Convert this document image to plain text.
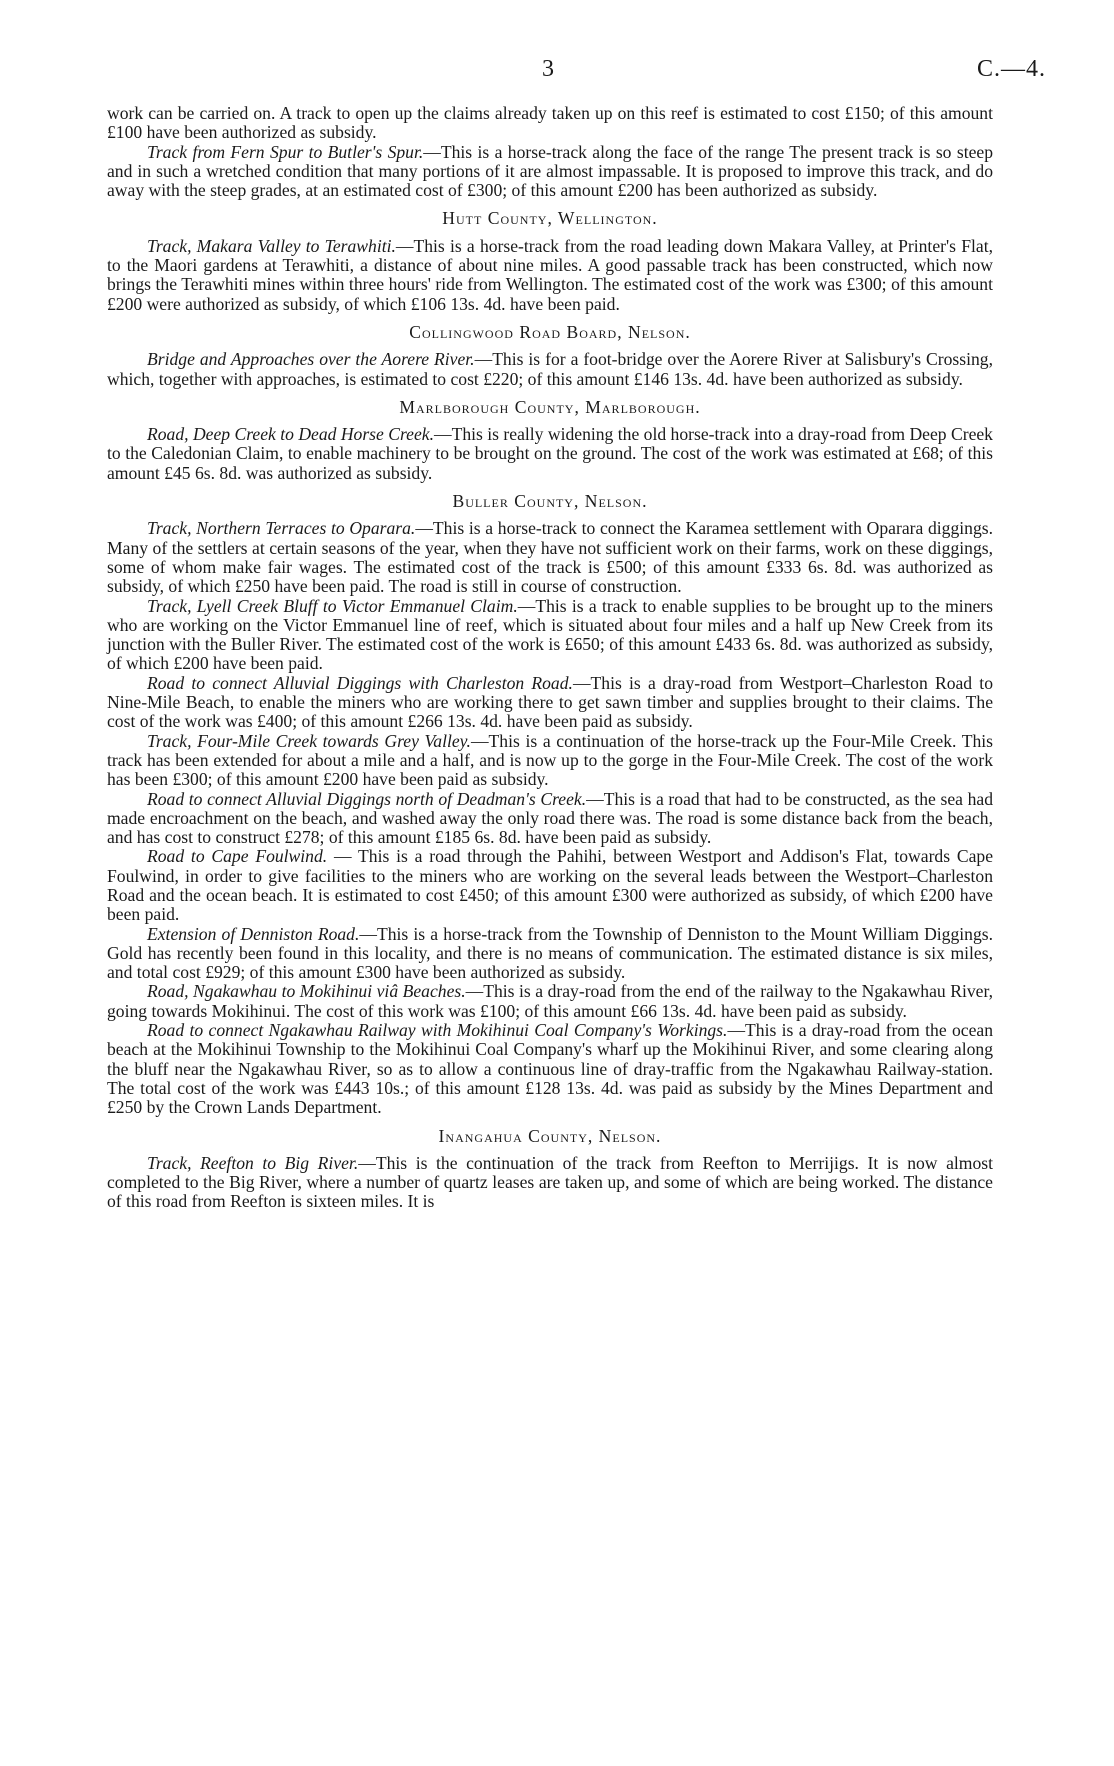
3	C.—4.

work can be carried on. A track to open up the claims already taken up on this reef is estimated to cost £150; of this amount £100 have been authorized as subsidy.

Track from Fern Spur to Butler's Spur.—This is a horse-track along the face of the range The present track is so steep and in such a wretched condition that many portions of it are almost impassable. It is proposed to improve this track, and do away with the steep grades, at an estimated cost of £300; of this amount £200 has been authorized as subsidy.

Hutt County, Wellington.

Track, Makara Valley to Terawhiti.—This is a horse-track from the road leading down Makara Valley, at Printer's Flat, to the Maori gardens at Terawhiti, a distance of about nine miles. A good passable track has been constructed, which now brings the Terawhiti mines within three hours' ride from Wellington. The estimated cost of the work was £300; of this amount £200 were authorized as subsidy, of which £106 13s. 4d. have been paid.

Collingwood Road Board, Nelson.

Bridge and Approaches over the Aorere River.—This is for a foot-bridge over the Aorere River at Salisbury's Crossing, which, together with approaches, is estimated to cost £220; of this amount £146 13s. 4d. have been authorized as subsidy.

Marlborough County, Marlborough.

Road, Deep Creek to Dead Horse Creek.—This is really widening the old horse-track into a dray-road from Deep Creek to the Caledonian Claim, to enable machinery to be brought on the ground. The cost of the work was estimated at £68; of this amount £45 6s. 8d. was authorized as subsidy.

Buller County, Nelson.

Track, Northern Terraces to Oparara.—This is a horse-track to connect the Karamea settlement with Oparara diggings. Many of the settlers at certain seasons of the year, when they have not sufficient work on their farms, work on these diggings, some of whom make fair wages. The estimated cost of the track is £500; of this amount £333 6s. 8d. was authorized as subsidy, of which £250 have been paid. The road is still in course of construction.

Track, Lyell Creek Bluff to Victor Emmanuel Claim.—This is a track to enable supplies to be brought up to the miners who are working on the Victor Emmanuel line of reef, which is situated about four miles and a half up New Creek from its junction with the Buller River. The estimated cost of the work is £650; of this amount £433 6s. 8d. was authorized as subsidy, of which £200 have been paid.

Road to connect Alluvial Diggings with Charleston Road.—This is a dray-road from Westport–Charleston Road to Nine-Mile Beach, to enable the miners who are working there to get sawn timber and supplies brought to their claims. The cost of the work was £400; of this amount £266 13s. 4d. have been paid as subsidy.

Track, Four-Mile Creek towards Grey Valley.—This is a continuation of the horse-track up the Four-Mile Creek. This track has been extended for about a mile and a half, and is now up to the gorge in the Four-Mile Creek. The cost of the work has been £300; of this amount £200 have been paid as subsidy.

Road to connect Alluvial Diggings north of Deadman's Creek.—This is a road that had to be constructed, as the sea had made encroachment on the beach, and washed away the only road there was. The road is some distance back from the beach, and has cost to construct £278; of this amount £185 6s. 8d. have been paid as subsidy.

Road to Cape Foulwind. — This is a road through the Pahihi, between Westport and Addison's Flat, towards Cape Foulwind, in order to give facilities to the miners who are working on the several leads between the Westport–Charleston Road and the ocean beach. It is estimated to cost £450; of this amount £300 were authorized as subsidy, of which £200 have been paid.

Extension of Denniston Road.—This is a horse-track from the Township of Denniston to the Mount William Diggings. Gold has recently been found in this locality, and there is no means of communication. The estimated distance is six miles, and total cost £929; of this amount £300 have been authorized as subsidy.

Road, Ngakawhau to Mokihinui viâ Beaches.—This is a dray-road from the end of the railway to the Ngakawhau River, going towards Mokihinui. The cost of this work was £100; of this amount £66 13s. 4d. have been paid as subsidy.

Road to connect Ngakawhau Railway with Mokihinui Coal Company's Workings.—This is a dray-road from the ocean beach at the Mokihinui Township to the Mokihinui Coal Company's wharf up the Mokihinui River, and some clearing along the bluff near the Ngakawhau River, so as to allow a continuous line of dray-traffic from the Ngakawhau Railway-station. The total cost of the work was £443 10s.; of this amount £128 13s. 4d. was paid as subsidy by the Mines Department and £250 by the Crown Lands Department.

Inangahua County, Nelson.

Track, Reefton to Big River.—This is the continuation of the track from Reefton to Merrijigs. It is now almost completed to the Big River, where a number of quartz leases are taken up, and some of which are being worked. The distance of this road from Reefton is sixteen miles. It is
